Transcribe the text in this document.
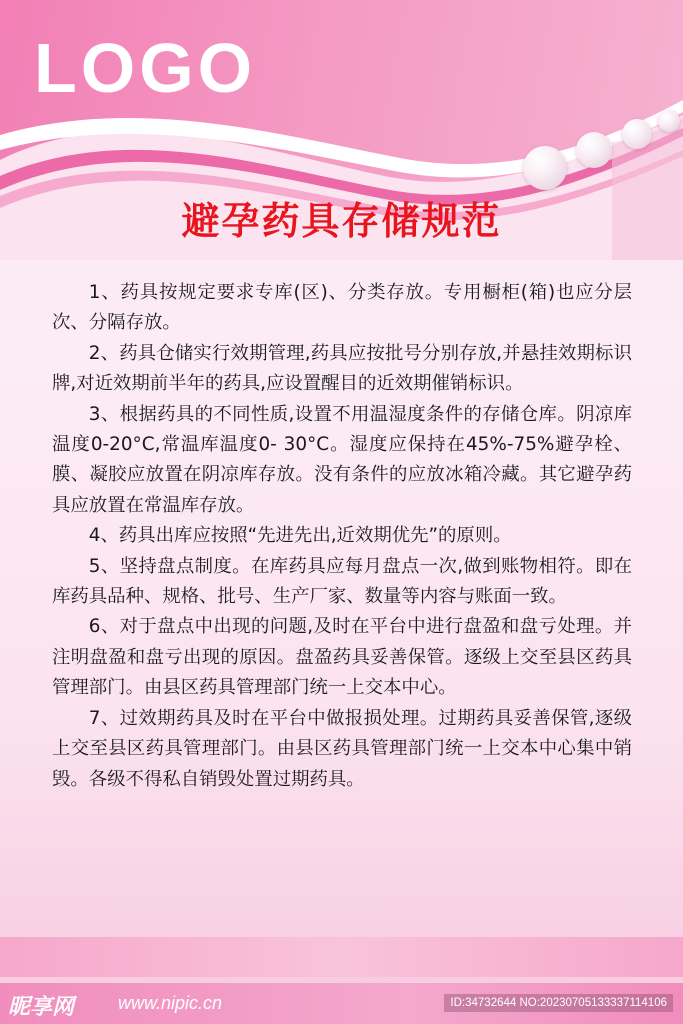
LOGO
避孕药具存储规范

1、药具按规定要求专库(区)、分类存放。专用橱柜(箱)也应分层次、分隔存放。

2、药具仓储实行效期管理,药具应按批号分别存放,并悬挂效期标识牌,对近效期前半年的药具,应设置醒目的近效期催销标识。

3、根据药具的不同性质,设置不用温湿度条件的存储仓库。阴凉库温度0-20°C,常温库温度0- 30°C。湿度应保持在45%-75%避孕栓、膜、凝胶应放置在阴凉库存放。没有条件的应放冰箱冷藏。其它避孕药具应放置在常温库存放。

4、药具出库应按照“先进先出,近效期优先”的原则。

5、坚持盘点制度。在库药具应每月盘点一次,做到账物相符。即在库药具品种、规格、批号、生产厂家、数量等内容与账面一致。

6、对于盘点中出现的问题,及时在平台中进行盘盈和盘亏处理。并注明盘盈和盘亏出现的原因。盘盈药具妥善保管。逐级上交至县区药具管理部门。由县区药具管理部门统一上交本中心。

7、过效期药具及时在平台中做报损处理。过期药具妥善保管,逐级上交至县区药具管理部门。由县区药具管理部门统一上交本中心集中销毁。各级不得私自销毁处置过期药具。

昵享网 www.nipic.cn	ID:34732644 NO:20230705133337114106
